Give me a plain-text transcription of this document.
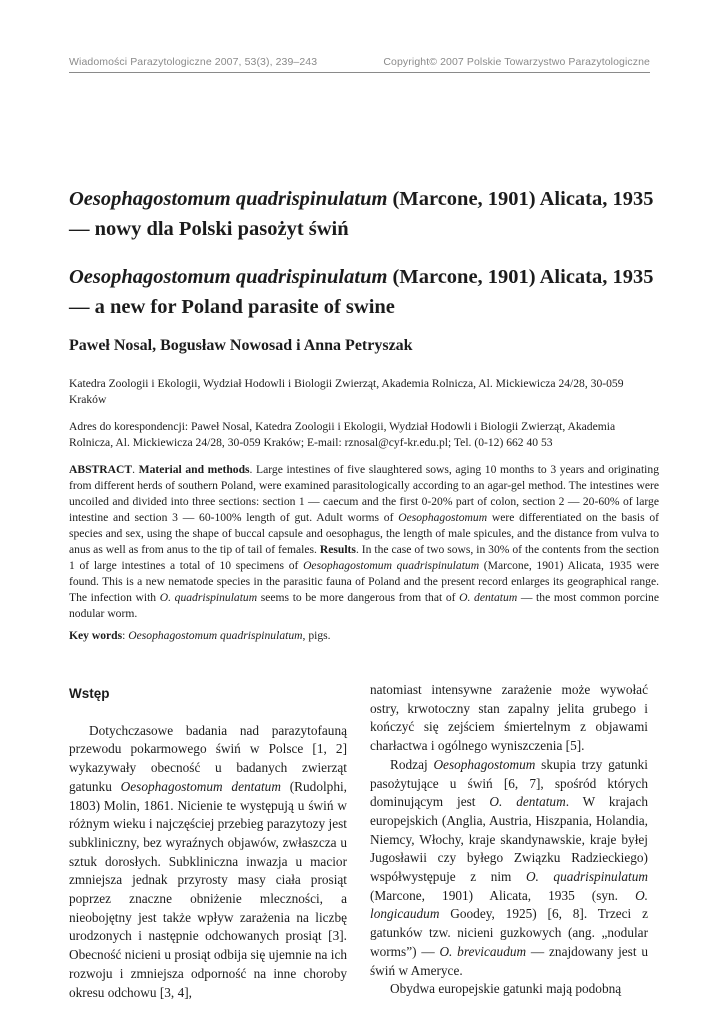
Wiadomości Parazytologiczne 2007, 53(3), 239–243	Copyright© 2007 Polskie Towarzystwo Parazytologiczne
Oesophagostomum quadrispinulatum (Marcone, 1901) Alicata, 1935 — nowy dla Polski pasożyt świń
Oesophagostomum quadrispinulatum (Marcone, 1901) Alicata, 1935 — a new for Poland parasite of swine

Paweł Nosal, Bogusław Nowosad i Anna Petryszak

Katedra Zoologii i Ekologii, Wydział Hodowli i Biologii Zwierząt, Akademia Rolnicza, Al. Mickiewicza 24/28, 30-059 Kraków

Adres do korespondencji: Paweł Nosal, Katedra Zoologii i Ekologii, Wydział Hodowli i Biologii Zwierząt, Akademia Rolnicza, Al. Mickiewicza 24/28, 30-059 Kraków; E-mail: rznosal@cyf-kr.edu.pl; Tel. (0-12) 662 40 53

ABSTRACT. Material and methods. Large intestines of five slaughtered sows, aging 10 months to 3 years and originating from different herds of southern Poland, were examined parasitologically according to an agar-gel method. The intestines were uncoiled and divided into three sections: section 1 — caecum and the first 0-20% part of colon, section 2 — 20-60% of large intestine and section 3 — 60-100% length of gut. Adult worms of Oesophagostomum were differentiated on the basis of species and sex, using the shape of buccal capsule and oesophagus, the length of male spicules, and the distance from vulva to anus as well as from anus to the tip of tail of females. Results. In the case of two sows, in 30% of the contents from the section 1 of large intestines a total of 10 specimens of Oesophagostomum quadrispinulatum (Marcone, 1901) Alicata, 1935 were found. This is a new nematode species in the parasitic fauna of Poland and the present record enlarges its geographical range. The infection with O. quadrispinulatum seems to be more dangerous from that of O. dentatum — the most common porcine nodular worm.

Key words: Oesophagostomum quadrispinulatum, pigs.

Wstęp

Dotychczasowe badania nad parazytofauną przewodu pokarmowego świń w Polsce [1, 2] wykazywały obecność u badanych zwierząt gatunku Oesophagostomum dentatum (Rudolphi, 1803) Molin, 1861. Nicienie te występują u świń w różnym wieku i najczęściej przebieg parazytozy jest subkliniczny, bez wyraźnych objawów, zwłaszcza u sztuk dorosłych. Subkliniczna inwazja u macior zmniejsza jednak przyrosty masy ciała prosiąt poprzez znaczne obniżenie mleczności, a nieobojętny jest także wpływ zarażenia na liczbę urodzonych i następnie odchowanych prosiąt [3]. Obecność nicieni u prosiąt odbija się ujemnie na ich rozwoju i zmniejsza odporność na inne choroby okresu odchowu [3, 4],

natomiast intensywne zarażenie może wywołać ostry, krwotoczny stan zapalny jelita grubego i kończyć się zejściem śmiertelnym z objawami charłactwa i ogólnego wyniszczenia [5].

Rodzaj Oesophagostomum skupia trzy gatunki pasożytujące u świń [6, 7], spośród których dominującym jest O. dentatum. W krajach europejskich (Anglia, Austria, Hiszpania, Holandia, Niemcy, Włochy, kraje skandynawskie, kraje byłej Jugosławii czy byłego Związku Radzieckiego) współwystępuje z nim O. quadrispinulatum (Marcone, 1901) Alicata, 1935 (syn. O. longicaudum Goodey, 1925) [6, 8]. Trzeci z gatunków tzw. nicieni guzkowych (ang. „nodular worms”) — O. brevicaudum — znajdowany jest u świń w Ameryce.

Obydwa europejskie gatunki mają podobną
